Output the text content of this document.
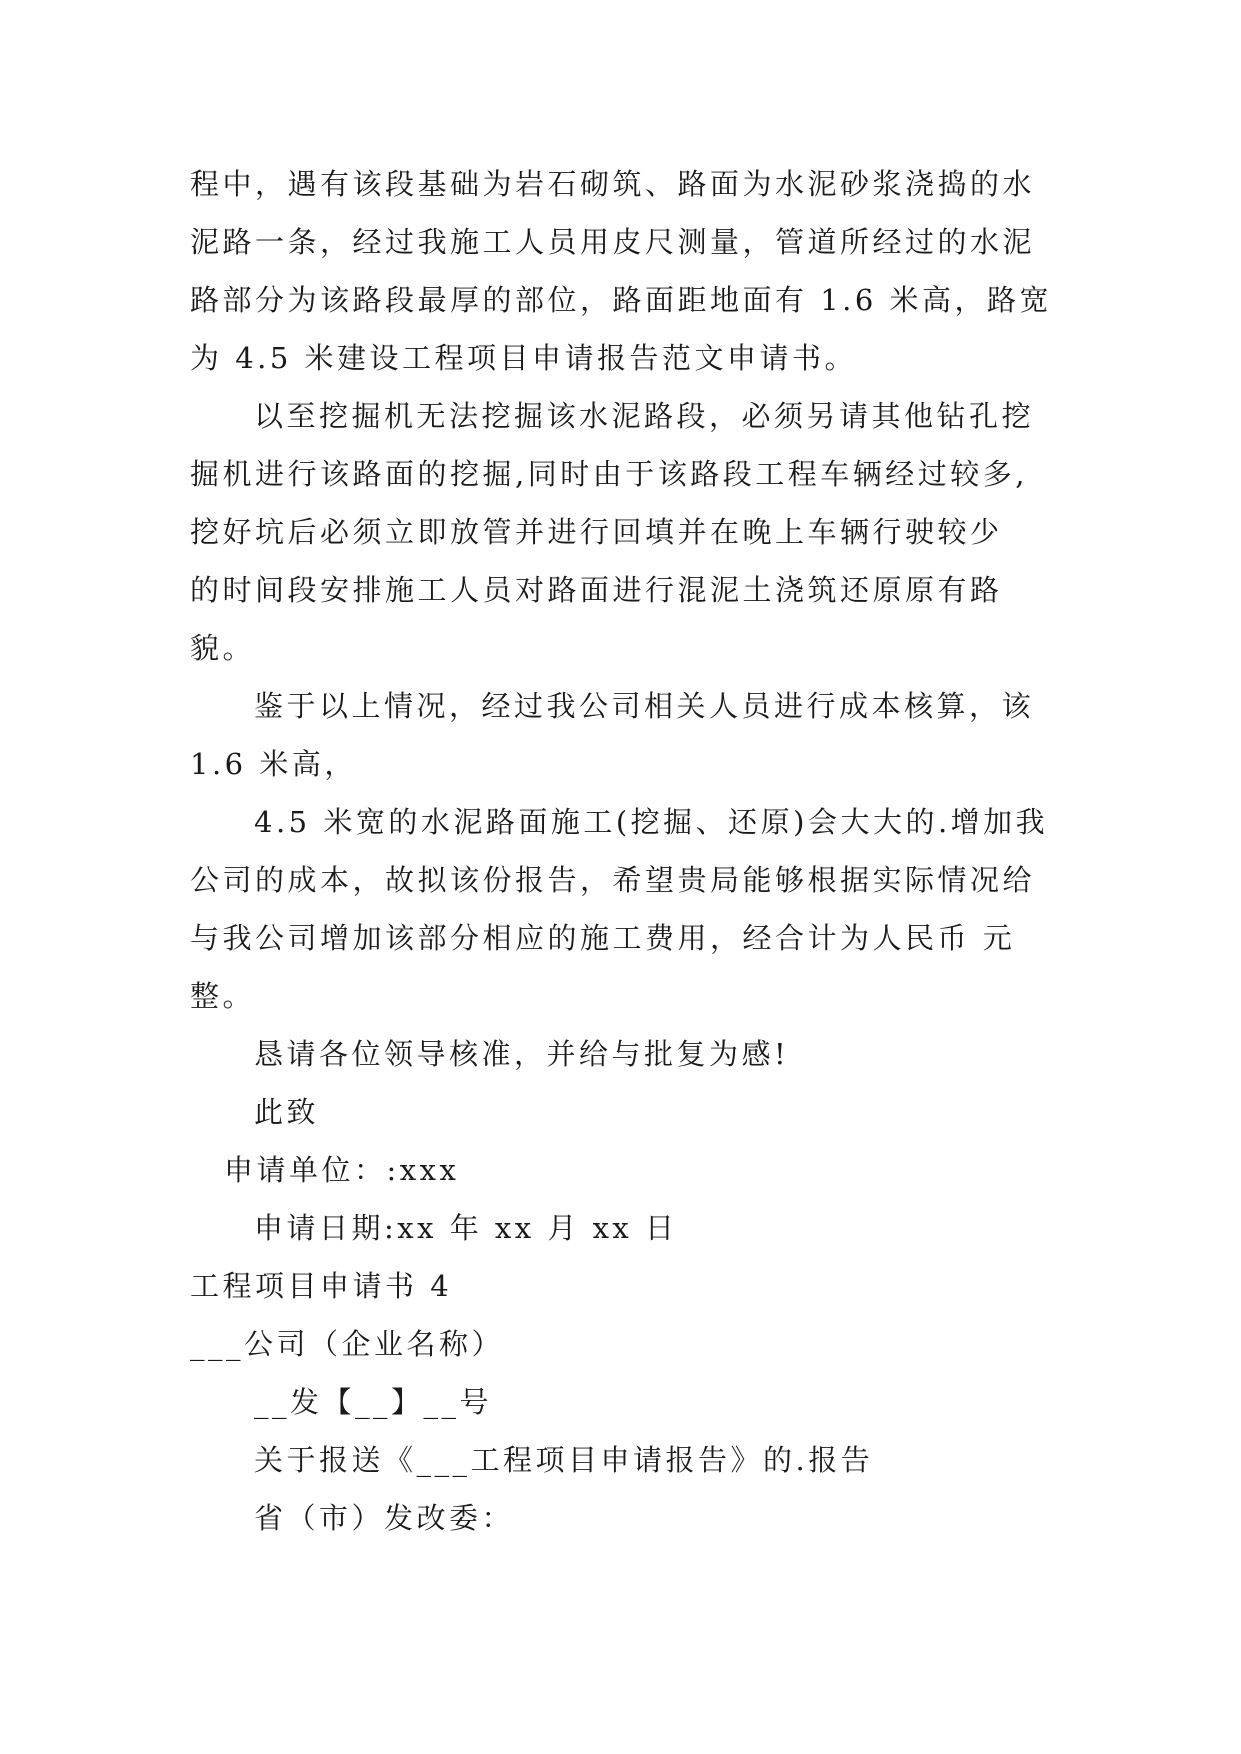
程中，遇有该段基础为岩石砌筑、路面为水泥砂浆浇捣的水

泥路一条，经过我施工人员用皮尺测量，管道所经过的水泥

路部分为该路段最厚的部位，路面距地面有 1.6 米高，路宽

为 4.5 米建设工程项目申请报告范文申请书。

以至挖掘机无法挖掘该水泥路段，必须另请其他钻孔挖

掘机进行该路面的挖掘,同时由于该路段工程车辆经过较多,

挖好坑后必须立即放管并进行回填并在晚上车辆行驶较少

的时间段安排施工人员对路面进行混泥土浇筑还原原有路

貌。

鉴于以上情况，经过我公司相关人员进行成本核算，该

1.6 米高，

4.5 米宽的水泥路面施工(挖掘、还原)会大大的.增加我

公司的成本，故拟该份报告，希望贵局能够根据实际情况给

与我公司增加该部分相应的施工费用，经合计为人民币 元

整。

恳请各位领导核准，并给与批复为感!

此致

申请单位：:xxx

申请日期:xx 年 xx 月 xx 日

工程项目申请书 4

___公司（企业名称）

__发【__】__号

关于报送《___工程项目申请报告》的.报告

省（市）发改委：
